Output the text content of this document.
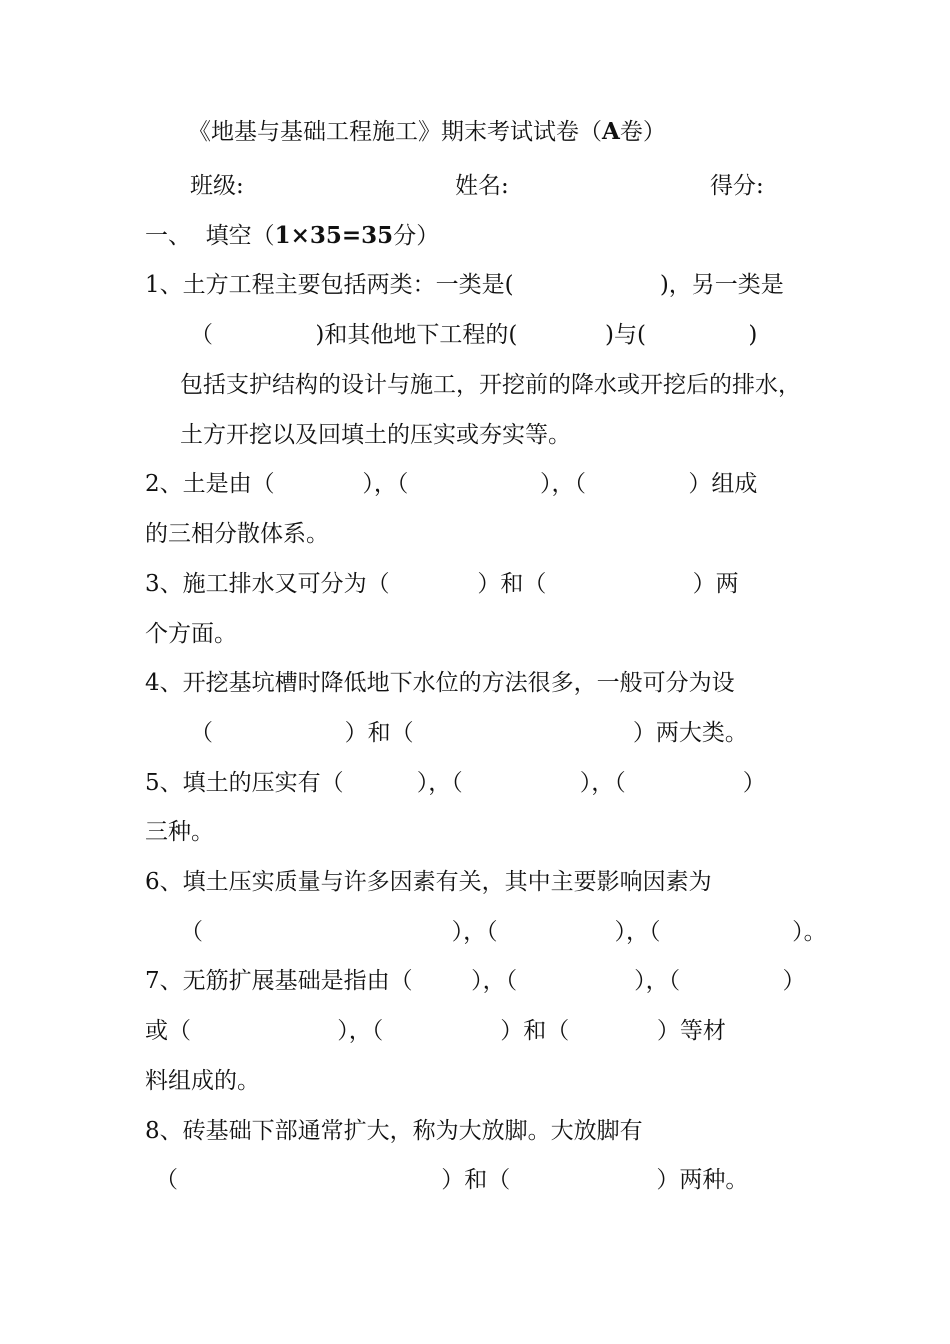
《地基与基础工程施工》期末考试试卷（A卷）
班级:	姓名:	得分:
一、  填空（1×35=35分）
1、土方工程主要包括两类：一类是(                    )，另一类是
（              )和其他地下工程的(            )与(              )
包括支护结构的设计与施工，开挖前的降水或开挖后的排水，
土方开挖以及回填土的压实或夯实等。
2、土是由（            ），（                  ），（              ）组成
的三相分散体系。
3、施工排水又可分为（            ）和（                    ）两
个方面。
4、开挖基坑槽时降低地下水位的方法很多，一般可分为设
（                  ）和（                              ）两大类。
5、填土的压实有（          ），（                ），（                ）
三种。
6、填土压实质量与许多因素有关，其中主要影响因素为
（                                  ），（                ），（                  ）。
7、无筋扩展基础是指由（        ），（                ），（              ）
或（                    ），（                ）和（            ）等材
料组成的。
8、砖基础下部通常扩大，称为大放脚。大放脚有
（                                    ）和（                    ）两种。
